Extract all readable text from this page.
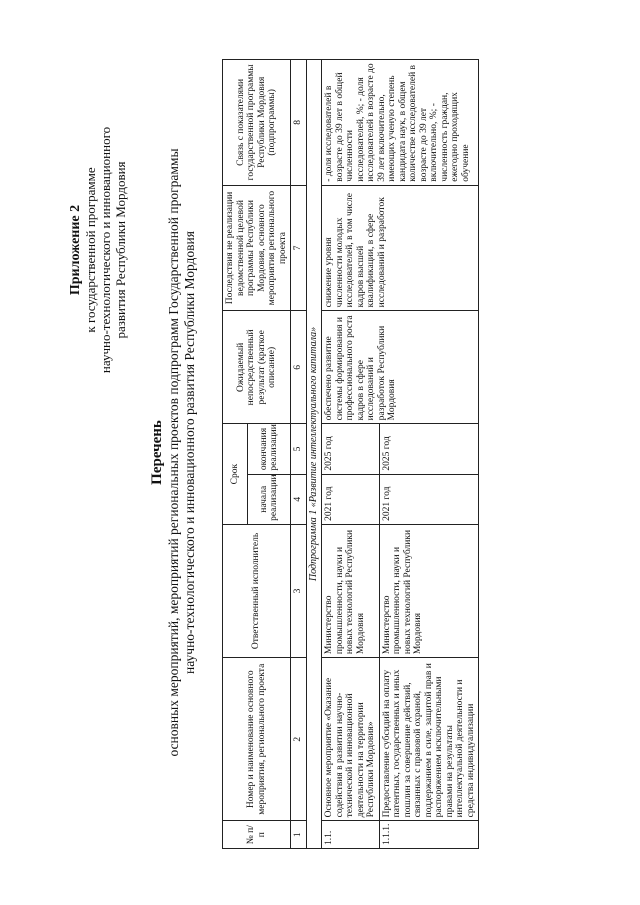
Приложение 2 к государственной программе научно-технологического и инновационного развития Республики Мордовия
Перечень основных мероприятий, мероприятий региональных проектов подпрограмм Государственной программы научно-технологического и инновационного развития Республики Мордовия
№ п/п	Номер и наименование основного мероприятия, регионального проекта	Ответственный исполнитель	Срок		Ожидаемый непосредственный результат (краткое описание)	Последствия не реализации ведомственной целевой программы Республики Мордовия, основного мероприятия регионального проекта	Связь с показателями государственной программы Республики Мордовия (подпрограммы)
			начала реализации	окончания реализации			
1	2	3	4	5	6	7	8
Подпрограмма 1 «Развитие интеллектуального капитала»							
1.1.	Основное мероприятие «Оказание содействия в развитии научно-технической и инновационной деятельности на территории Республики Мордовия»	Министерство промышленности, науки и новых технологий Республики Мордовия	2021 год	2025 год	обеспечено развитие системы формирования и профессионального роста кадров в сфере исследований и разработок Республики Мордовия	снижение уровня численности молодых исследователей, в том числе кадров высшей квалификации, в сфере исследований и разработок	- доля исследователей в возрасте до 39 лет в общей численности исследователей, %; - доля исследователей в возрасте до 39 лет включительно, имеющих ученую степень кандидата наук, в общем количестве исследователей в возрасте до 39 лет включительно, %; - численность граждан, ежегодно проходящих обучение
1.1.1.	Предоставление субсидий на оплату патентных, государственных и иных пошлин за совершение действий, связанных с правовой охраной, поддержанием в силе, защитой прав и распоряжением исключительными правами на результаты интеллектуальной деятельности и средства индивидуализации	Министерство промышленности, науки и новых технологий Республики Мордовия	2021 год	2025 год			
